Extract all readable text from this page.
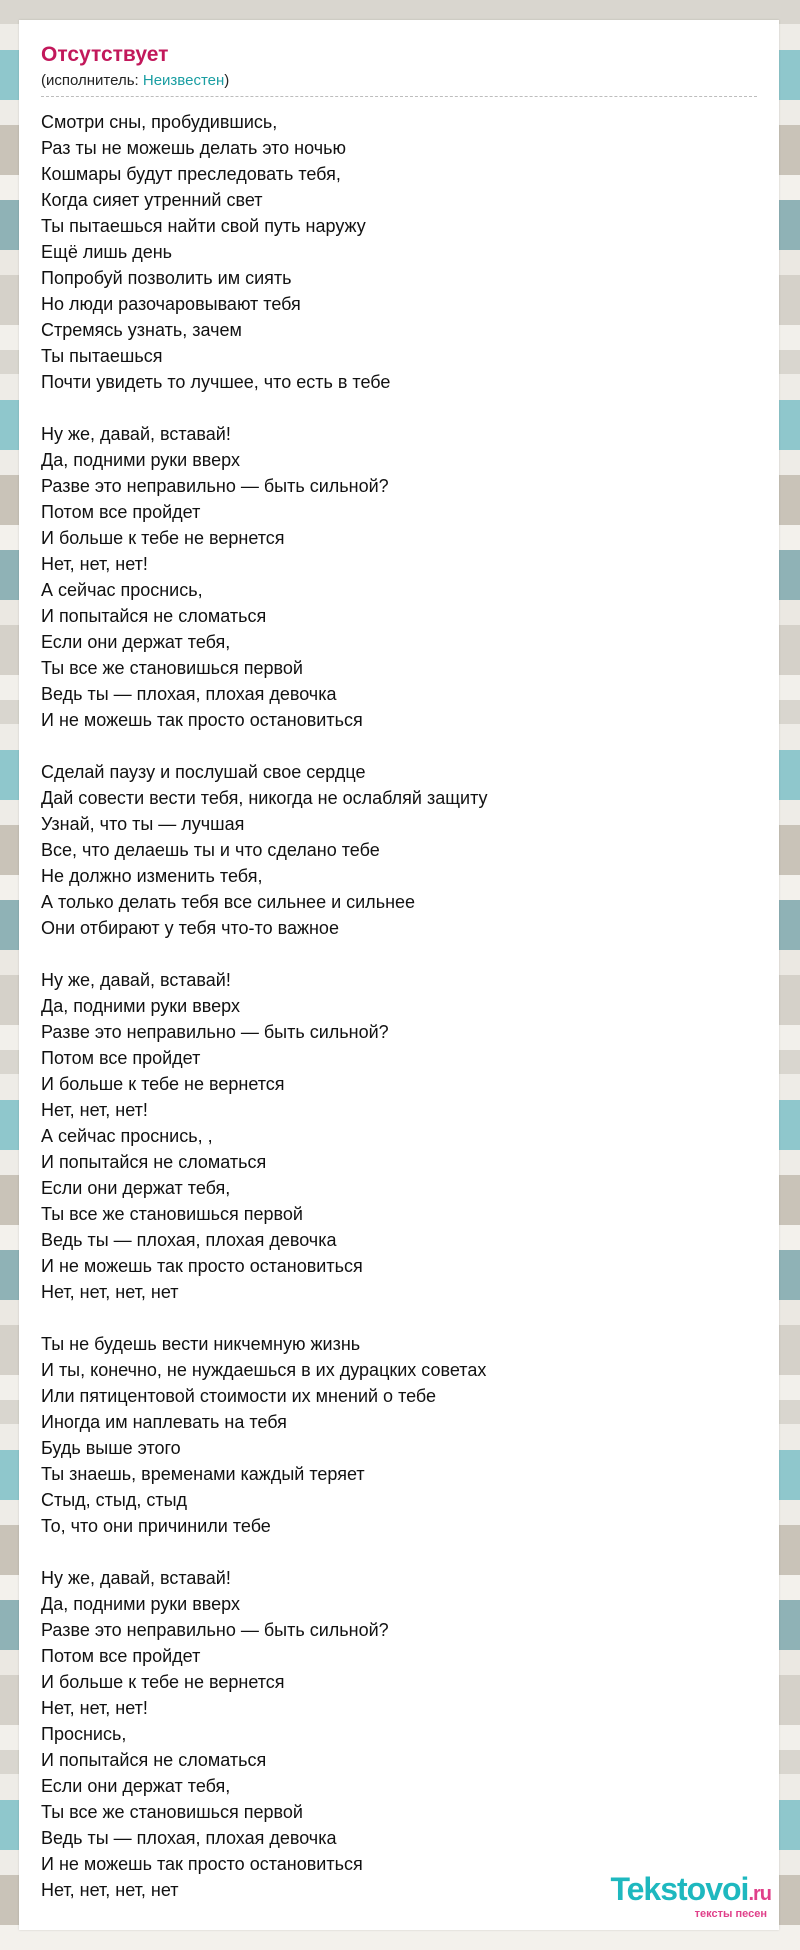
Отсутствует
(исполнитель: Неизвестен)
Смотри сны, пробудившись,
Раз ты не можешь делать это ночью
Кошмары будут преследовать тебя,
Когда сияет утренний свет
Ты пытаешься найти свой путь наружу
Ещё лишь день
Попробуй позволить им сиять
Но люди разочаровывают тебя
Стремясь узнать, зачем
Ты пытаешься
Почти увидеть то лучшее, что есть в тебе
Ну же, давай, вставай!
Да, подними руки вверх
Разве это неправильно — быть сильной?
Потом все пройдет
И больше к тебе не вернется
Нет, нет, нет!
А сейчас проснись,
И попытайся не сломаться
Если они держат тебя,
Ты все же становишься первой
Ведь ты — плохая, плохая девочка
И не можешь так просто остановиться
Сделай паузу и послушай свое сердце
Дай совести вести тебя, никогда не ослабляй защиту
Узнай, что ты — лучшая
Все, что делаешь ты и что сделано тебе
Не должно изменить тебя,
А только делать тебя все сильнее и сильнее
Они отбирают у тебя что-то важное
Ну же, давай, вставай!
Да, подними руки вверх
Разве это неправильно — быть сильной?
Потом все пройдет
И больше к тебе не вернется
Нет, нет, нет!
А сейчас проснись, ,
И попытайся не сломаться
Если они держат тебя,
Ты все же становишься первой
Ведь ты — плохая, плохая девочка
И не можешь так просто остановиться
Нет, нет, нет, нет
Ты не будешь вести никчемную жизнь
И ты, конечно, не нуждаешься в их дурацких советах
Или пятицентовой стоимости их мнений о тебе
Иногда им наплевать на тебя
Будь выше этого
Ты знаешь, временами каждый теряет
Стыд, стыд, стыд
То, что они причинили тебе
Ну же, давай, вставай!
Да, подними руки вверх
Разве это неправильно — быть сильной?
Потом все пройдет
И больше к тебе не вернется
Нет, нет, нет!
Проснись,
И попытайся не сломаться
Если они держат тебя,
Ты все же становишься первой
Ведь ты — плохая, плохая девочка
И не можешь так просто остановиться
Нет, нет, нет, нет	Tekstovoi.ru
тексты песен
